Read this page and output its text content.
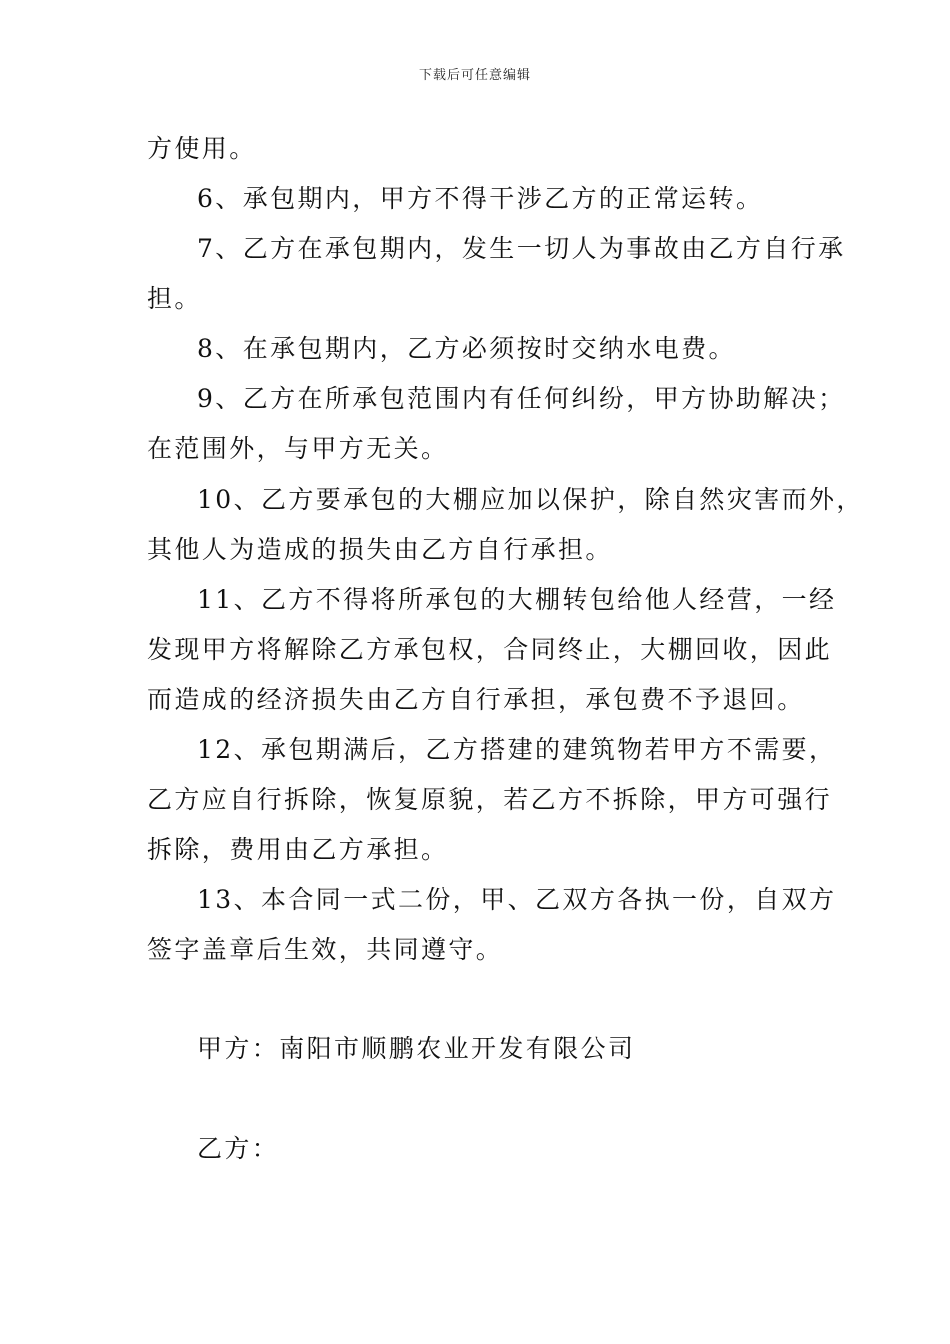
下载后可任意编辑
方使用。
6、承包期内，甲方不得干涉乙方的正常运转。
7、乙方在承包期内，发生一切人为事故由乙方自行承
担。
8、在承包期内，乙方必须按时交纳水电费。
9、乙方在所承包范围内有任何纠纷，甲方协助解决；
在范围外，与甲方无关。
10、乙方要承包的大棚应加以保护，除自然灾害而外，
其他人为造成的损失由乙方自行承担。
11、乙方不得将所承包的大棚转包给他人经营，一经
发现甲方将解除乙方承包权，合同终止，大棚回收，因此
而造成的经济损失由乙方自行承担，承包费不予退回。
12、承包期满后，乙方搭建的建筑物若甲方不需要，
乙方应自行拆除，恢复原貌，若乙方不拆除，甲方可强行
拆除，费用由乙方承担。
13、本合同一式二份，甲、乙双方各执一份，自双方
签字盖章后生效，共同遵守。
甲方：南阳市顺鹏农业开发有限公司
乙方：
